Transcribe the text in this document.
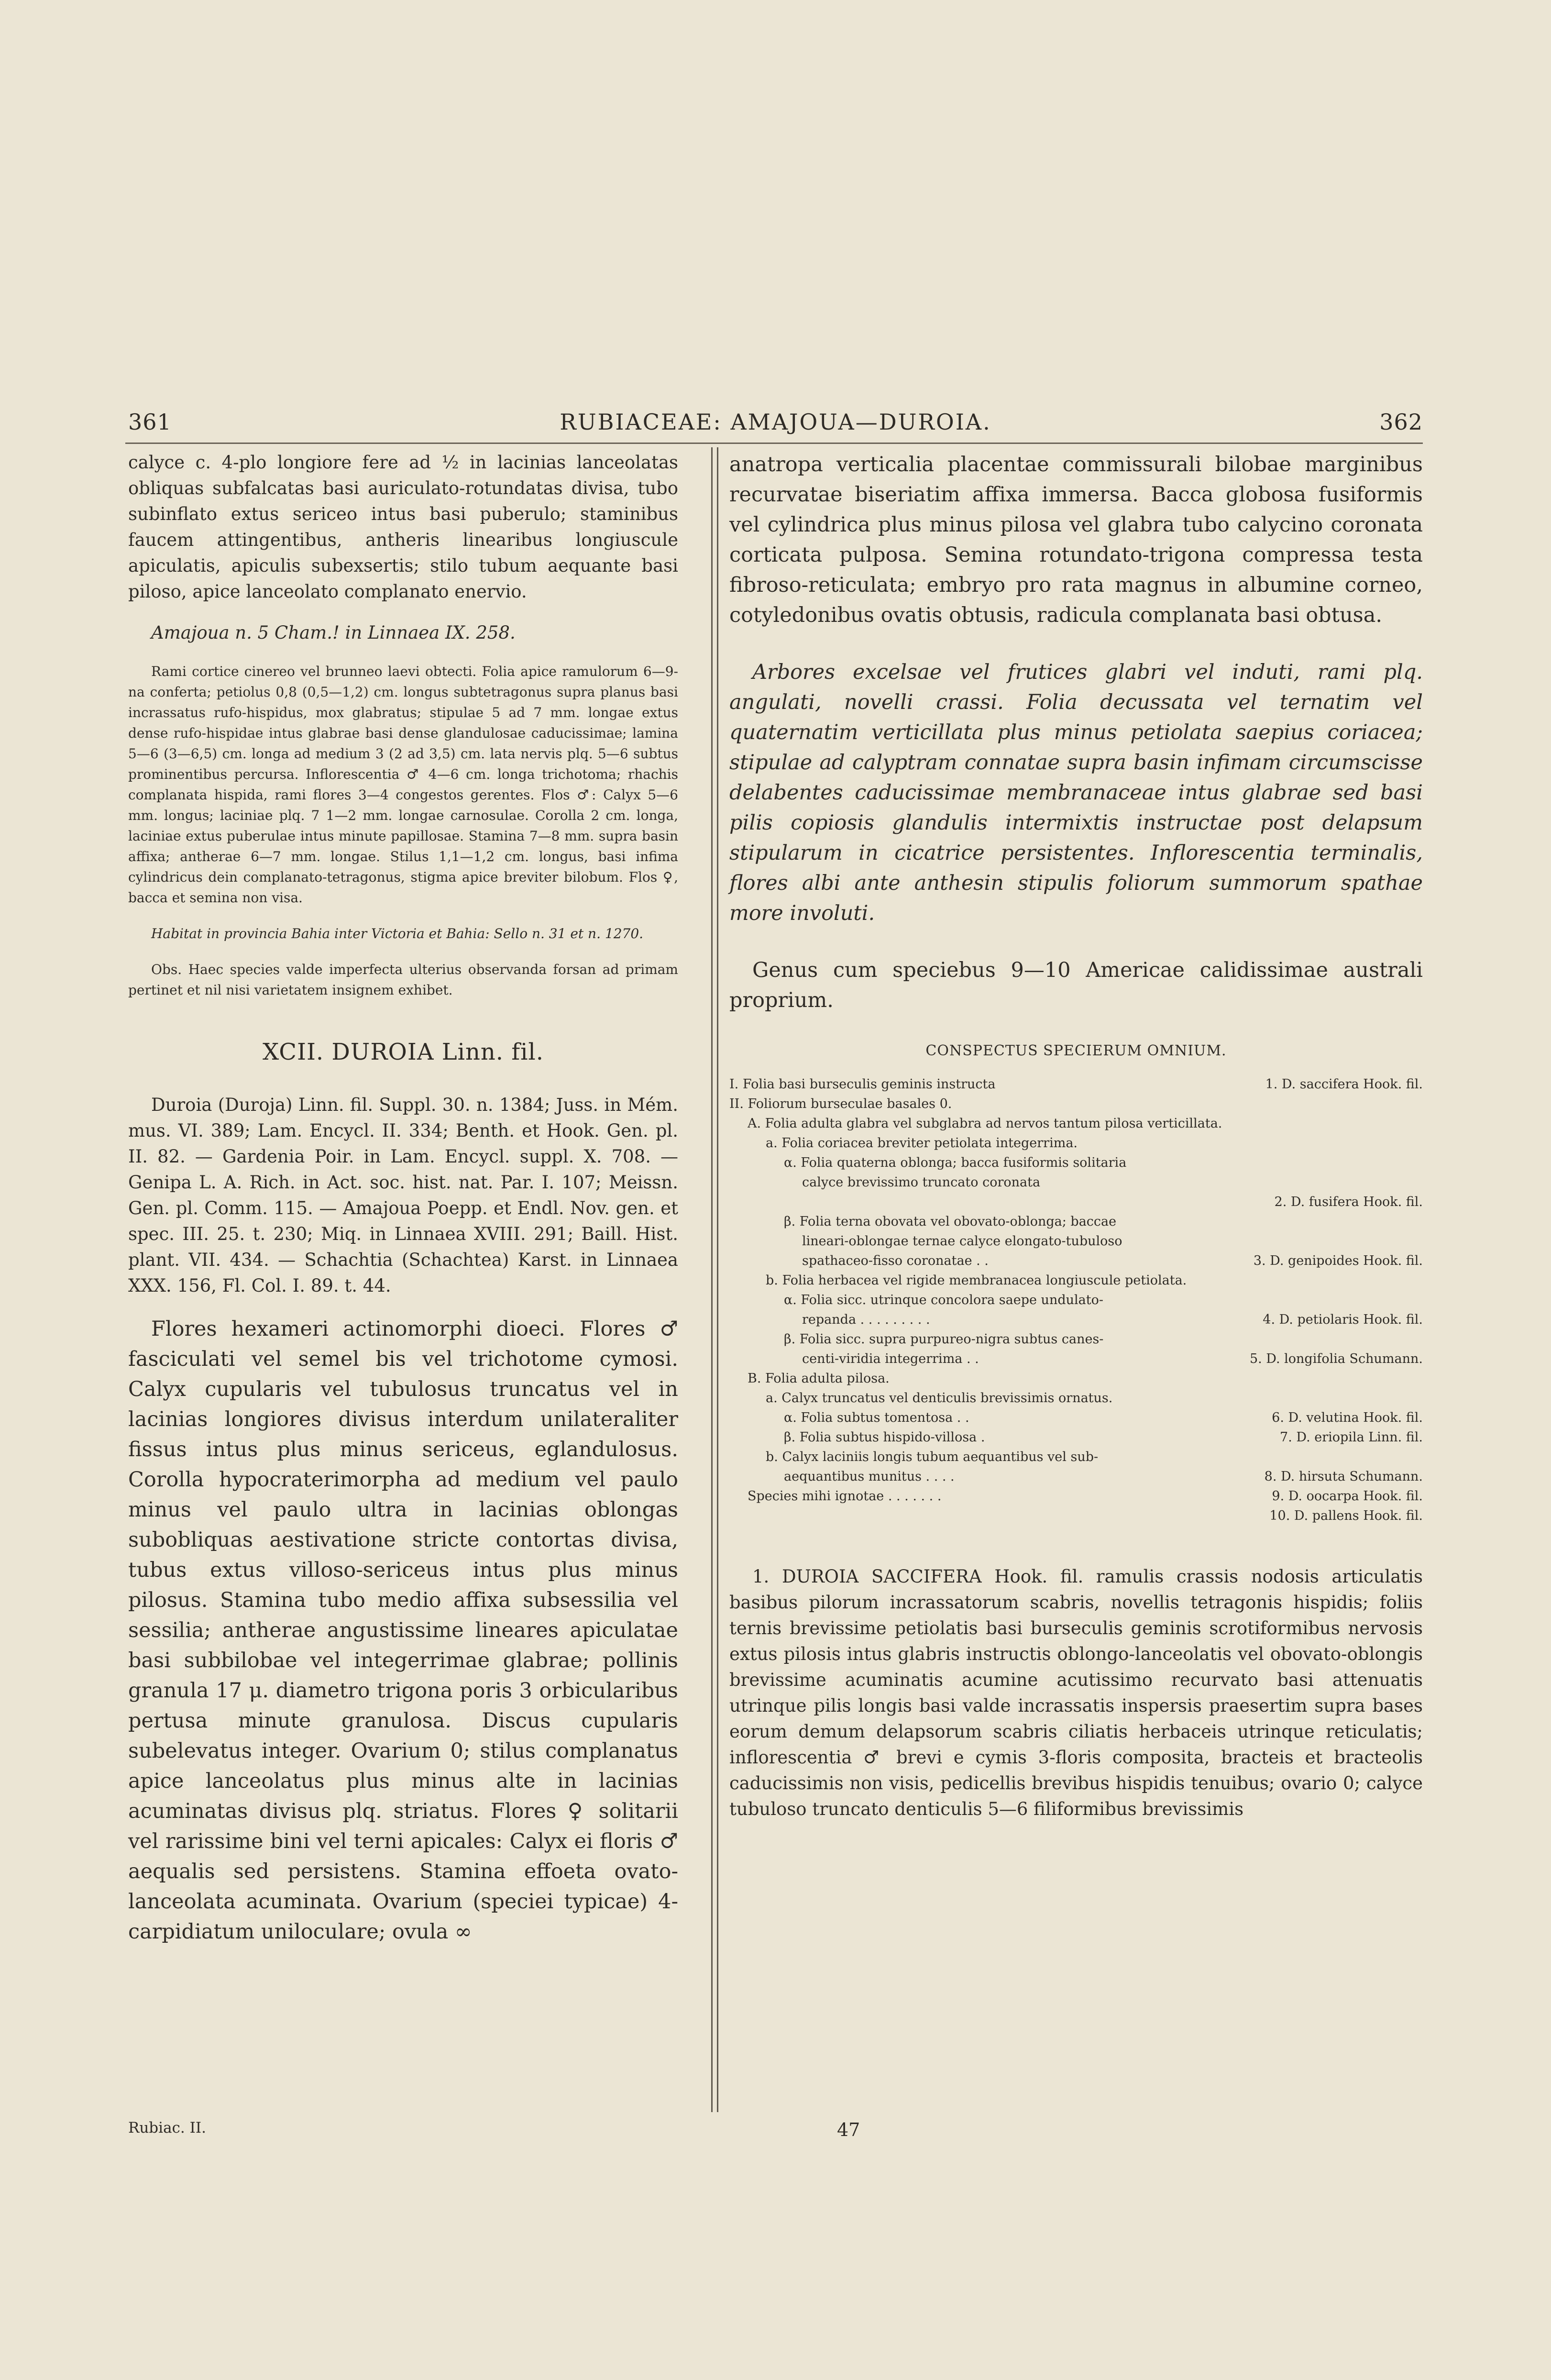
361	RUBIACEAE: AMAJOUA—DUROIA.	362

calyce c. 4-plo longiore fere ad ½ in lacinias lanceolatas obliquas subfalcatas basi auriculato-rotundatas divisa, tubo subinflato extus sericeo intus basi puberulo; staminibus faucem attingentibus, antheris linearibus longiuscule apiculatis, apiculis subexsertis; stilo tubum aequante basi piloso, apice lanceolato complanato enervio.

Amajoua n. 5 Cham.! in Linnaea IX. 258.

Rami cortice cinereo vel brunneo laevi obtecti. Folia apice ramulorum 6—9-na conferta; petiolus 0,8 (0,5—1,2) cm. longus subtetragonus supra planus basi incrassatus rufo-hispidus, mox glabratus; stipulae 5 ad 7 mm. longae extus dense rufo-hispidae intus glabrae basi dense glandulosae caducissimae; lamina 5—6 (3—6,5) cm. longa ad medium 3 (2 ad 3,5) cm. lata nervis plq. 5—6 subtus prominentibus percursa. Inflorescentia ♂ 4—6 cm. longa trichotoma; rhachis complanata hispida, rami flores 3—4 congestos gerentes. Flos ♂: Calyx 5—6 mm. longus; laciniae plq. 7 1—2 mm. longae carnosulae. Corolla 2 cm. longa, laciniae extus puberulae intus minute papillosae. Stamina 7—8 mm. supra basin affixa; antherae 6—7 mm. longae. Stilus 1,1—1,2 cm. longus, basi infima cylindricus dein complanato-tetragonus, stigma apice breviter bilobum. Flos ♀, bacca et semina non visa.

Habitat in provincia Bahia inter Victoria et Bahia: Sello n. 31 et n. 1270.

Obs. Haec species valde imperfecta ulterius observanda forsan ad primam pertinet et nil nisi varietatem insignem exhibet.

XCII. DUROIA Linn. fil.

Duroia (Duroja) Linn. fil. Suppl. 30. n. 1384; Juss. in Mém. mus. VI. 389; Lam. Encycl. II. 334; Benth. et Hook. Gen. pl. II. 82. — Gardenia Poir. in Lam. Encycl. suppl. X. 708. — Genipa L. A. Rich. in Act. soc. hist. nat. Par. I. 107; Meissn. Gen. pl. Comm. 115. — Amajoua Poepp. et Endl. Nov. gen. et spec. III. 25. t. 230; Miq. in Linnaea XVIII. 291; Baill. Hist. plant. VII. 434. — Schachtia (Schachtea) Karst. in Linnaea XXX. 156, Fl. Col. I. 89. t. 44.

Flores hexameri actinomorphi dioeci. Flores ♂ fasciculati vel semel bis vel trichotome cymosi. Calyx cupularis vel tubulosus truncatus vel in lacinias longiores divisus interdum unilateraliter fissus intus plus minus sericeus, eglandulosus. Corolla hypocraterimorpha ad medium vel paulo minus vel paulo ultra in lacinias oblongas subobliquas aestivatione stricte contortas divisa, tubus extus villoso-sericeus intus plus minus pilosus. Stamina tubo medio affixa subsessilia vel sessilia; antherae angustissime lineares apiculatae basi subbilobae vel integerrimae glabrae; pollinis granula 17 μ. diametro trigona poris 3 orbicularibus pertusa minute granulosa. Discus cupularis subelevatus integer. Ovarium 0; stilus complanatus apice lanceolatus plus minus alte in lacinias acuminatas divisus plq. striatus. Flores ♀ solitarii vel rarissime bini vel terni apicales: Calyx ei floris ♂ aequalis sed persistens. Stamina effoeta ovato-lanceolata acuminata. Ovarium (speciei typicae) 4-carpidiatum uniloculare; ovula ∞

anatropa verticalia placentae commissurali bilobae marginibus recurvatae biseriatim affixa immersa. Bacca globosa fusiformis vel cylindrica plus minus pilosa vel glabra tubo calycino coronata corticata pulposa. Semina rotundato-trigona compressa testa fibroso-reticulata; embryo pro rata magnus in albumine corneo, cotyledonibus ovatis obtusis, radicula complanata basi obtusa.

Arbores excelsae vel frutices glabri vel induti, rami plq. angulati, novelli crassi. Folia decussata vel ternatim vel quaternatim verticillata plus minus petiolata saepius coriacea; stipulae ad calyptram connatae supra basin infimam circumscisse delabentes caducissimae membranaceae intus glabrae sed basi pilis copiosis glandulis intermixtis instructae post delapsum stipularum in cicatrice persistentes. Inflorescentia terminalis, flores albi ante anthesin stipulis foliorum summorum spathae more involuti.

Genus cum speciebus 9—10 Americae calidissimae australi proprium.

CONSPECTUS SPECIERUM OMNIUM.

I. Folia basi burseculis geminis instructa	1. D. saccifera Hook. fil.
II. Foliorum burseculae basales 0.
A. Folia adulta glabra vel subglabra ad nervos tantum pilosa verticillata.
a. Folia coriacea breviter petiolata integerrima.
α. Folia quaterna oblonga; bacca fusiformis solitaria
calyce brevissimo truncato coronata
2. D. fusifera Hook. fil.
β. Folia terna obovata vel obovato-oblonga; baccae
lineari-oblongae ternae calyce elongato-tubuloso
spathaceo-fisso coronatae . .	3. D. genipoides Hook. fil.
b. Folia herbacea vel rigide membranacea longiuscule petiolata.
α. Folia sicc. utrinque concolora saepe undulato-
repanda . . . . . . . . .	4. D. petiolaris Hook. fil.
β. Folia sicc. supra purpureo-nigra subtus canes-
centi-viridia integerrima . .	5. D. longifolia Schumann.
B. Folia adulta pilosa.
a. Calyx truncatus vel denticulis brevissimis ornatus.
α. Folia subtus tomentosa . .	6. D. velutina Hook. fil.
β. Folia subtus hispido-villosa .	7. D. eriopila Linn. fil.
b. Calyx laciniis longis tubum aequantibus vel sub-
aequantibus munitus . . . .	8. D. hirsuta Schumann.
Species mihi ignotae . . . . . . .	9. D. oocarpa Hook. fil.
10. D. pallens Hook. fil.

1. DUROIA SACCIFERA Hook. fil. ramulis crassis nodosis articulatis basibus pilorum incrassatorum scabris, novellis tetragonis hispidis; foliis ternis brevissime petiolatis basi burseculis geminis scrotiformibus nervosis extus pilosis intus glabris instructis oblongo-lanceolatis vel obovato-oblongis brevissime acuminatis acumine acutissimo recurvato basi attenuatis utrinque pilis longis basi valde incrassatis inspersis praesertim supra bases eorum demum delapsorum scabris ciliatis herbaceis utrinque reticulatis; inflorescentia ♂ brevi e cymis 3-floris composita, bracteis et bracteolis caducissimis non visis, pedicellis brevibus hispidis tenuibus; ovario 0; calyce tubuloso truncato denticulis 5—6 filiformibus brevissimis

Rubiac. II.	47
